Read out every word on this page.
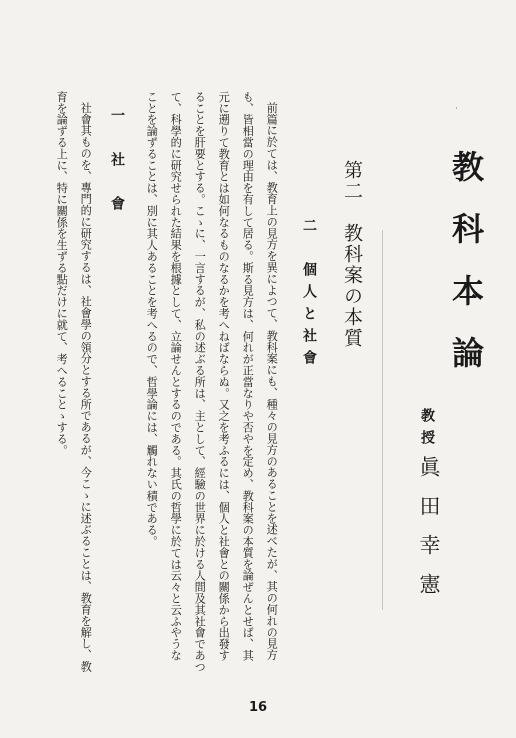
·
教科本論
教授
眞田幸憲
第二　教科案の本質
二　個人と社會
前篇に於ては、教育上の見方を異によつて、教科案にも、種々の見方のあることを述べたが、其の何れの見方
も、皆相當の理由を有して居る。斯る見方は、何れが正當なりや否やを定め、教科案の本質を論ぜんとせば、其
元に遡りて教育とは如何なるものなるかを考へねばならぬ。又之を考ふるには、個人と社會との關係から出發す
ることを肝要とする。こゝに、一言するが、私の述ぶる所は、主として、經驗の世界に於ける人間及其社會であつ
て、科學的に研究せられた結果を根據として、立論せんとするのである。其氏の哲學に於ては云々と云ふやうな
ことを論ずることは、別に其人あることを考へるので、哲學論には、觸れない積である。
一　社　會
社會其ものを、專門的に研究するは、社會學の領分とする所であるが、今こゝに述ぶることは、教育を解し、教
育を論ずる上に、特に關係を生ずる點だけに就て、考へることゝする。
16
